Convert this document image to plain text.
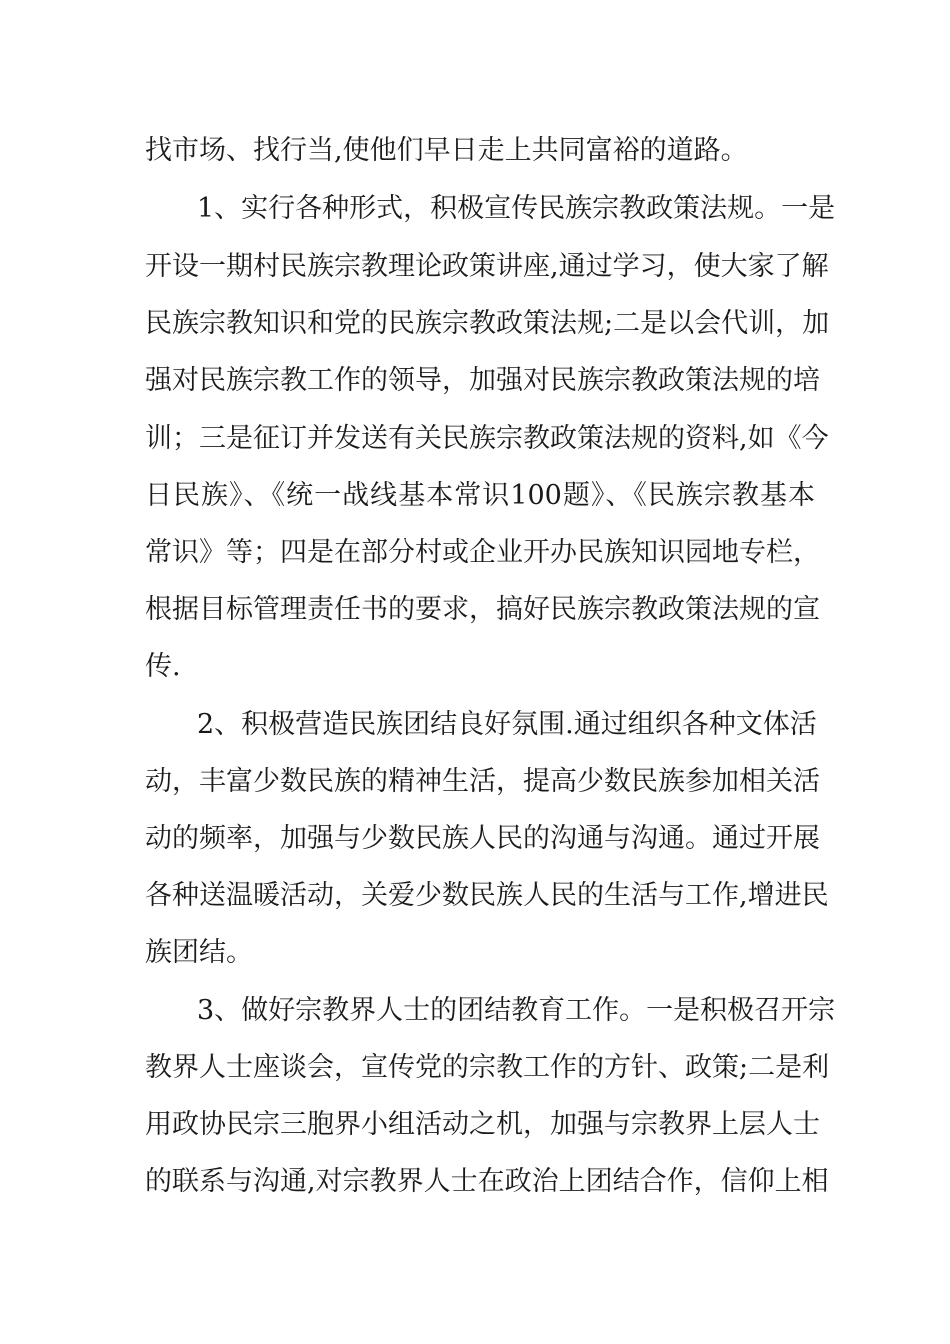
找市场、找行当,使他们早日走上共同富裕的道路。
1、实行各种形式，积极宣传民族宗教政策法规。一是
开设一期村民族宗教理论政策讲座,通过学习，使大家了解
民族宗教知识和党的民族宗教政策法规;二是以会代训，加
强对民族宗教工作的领导，加强对民族宗教政策法规的培
训；三是征订并发送有关民族宗教政策法规的资料,如《今
日民族》、《统一战线基本常识100题》、《民族宗教基本
常识》等；四是在部分村或企业开办民族知识园地专栏，
根据目标管理责任书的要求，搞好民族宗教政策法规的宣
传.
2、积极营造民族团结良好氛围.通过组织各种文体活
动，丰富少数民族的精神生活，提高少数民族参加相关活
动的频率，加强与少数民族人民的沟通与沟通。通过开展
各种送温暖活动，关爱少数民族人民的生活与工作,增进民
族团结。
3、做好宗教界人士的团结教育工作。一是积极召开宗
教界人士座谈会，宣传党的宗教工作的方针、政策;二是利
用政协民宗三胞界小组活动之机，加强与宗教界上层人士
的联系与沟通,对宗教界人士在政治上团结合作，信仰上相
